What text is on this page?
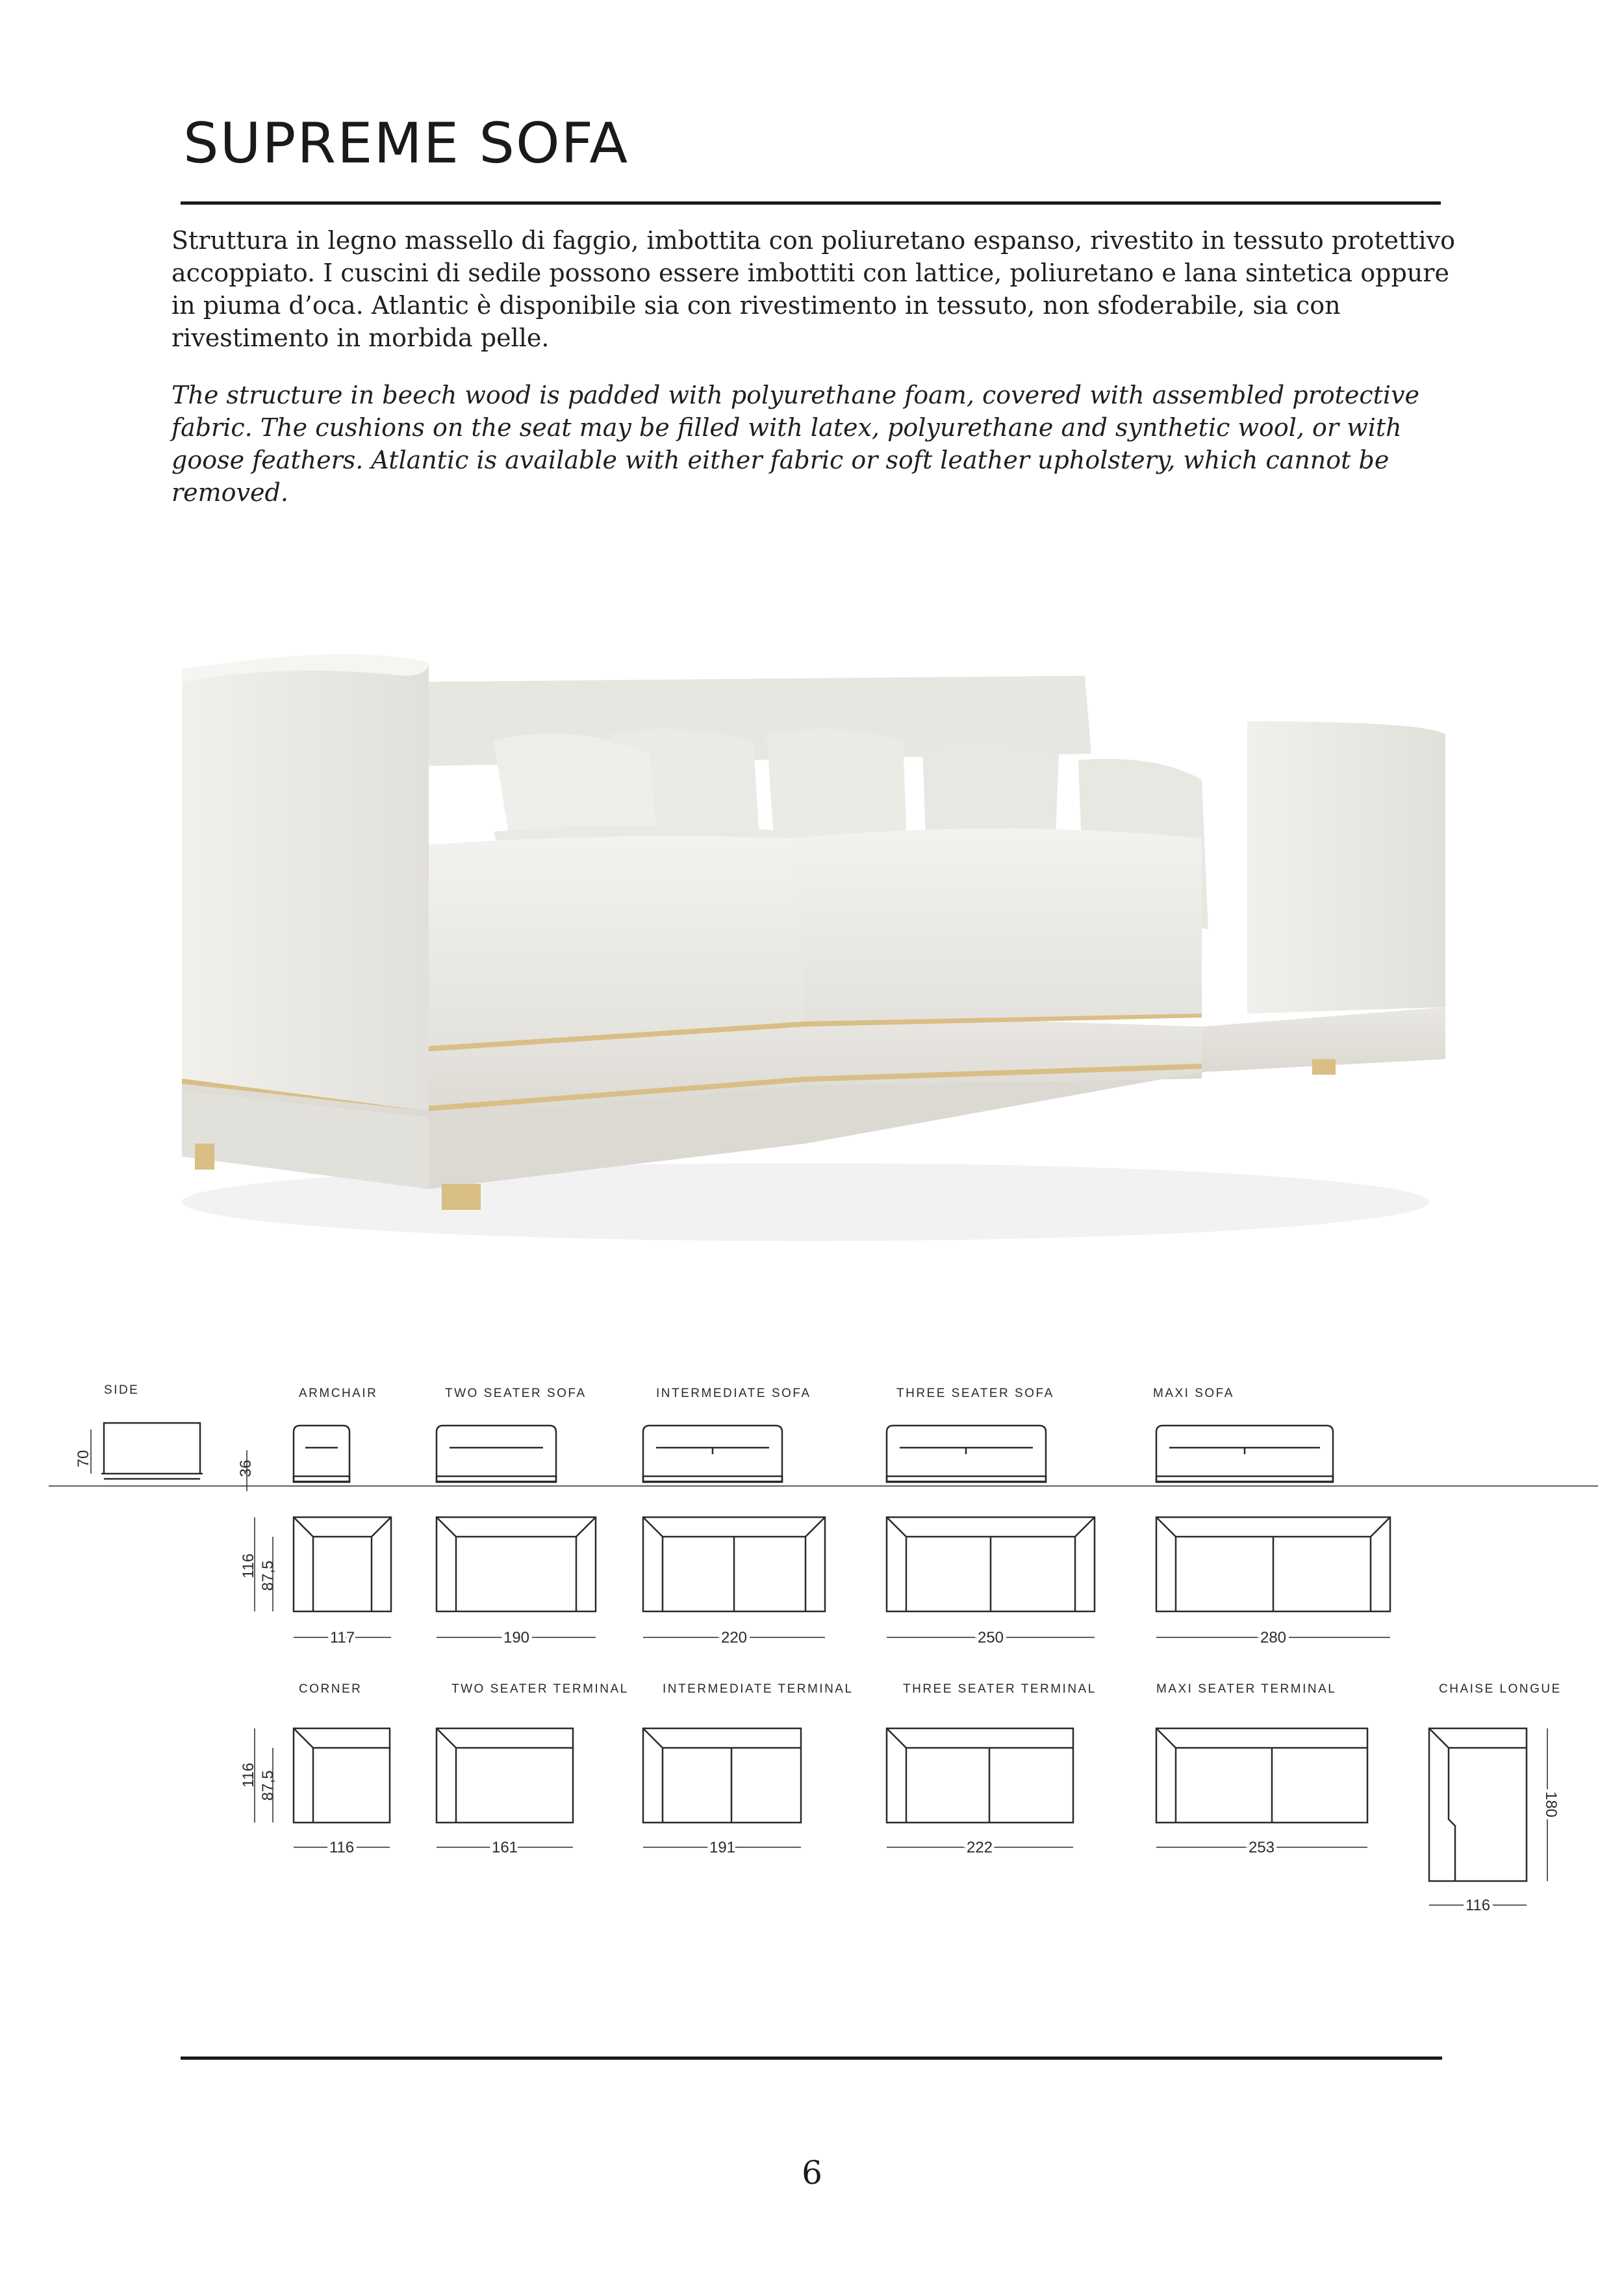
SUPREME SOFA

Struttura in legno massello di faggio, imbottita con poliuretano espanso, rivestito in tessuto protettivo accoppiato. I cuscini di sedile possono essere imbottiti con lattice, poliuretano e lana sintetica oppure in piuma d’oca. Atlantic è disponibile sia con rivestimento in tessuto, non sfoderabile, sia con rivestimento in morbida pelle.

The structure in beech wood is padded with polyurethane foam, covered with assembled protective fabric. The cushions on the seat may be filled with latex, polyurethane and synthetic wool, or with goose feathers. Atlantic is available with either fabric or soft leather upholstery, which cannot be removed.

SIDE	ARMCHAIR	TWO SEATER SOFA	INTERMEDIATE SOFA	THREE SEATER SOFA	MAXI SOFA
70
36
116 87,5
117	190	220	250	280
CORNER	TWO SEATER TERMINAL	INTERMEDIATE TERMINAL	THREE SEATER TERMINAL	MAXI SEATER TERMINAL	CHAISE LONGUE
116 87,5
180
116	161	191	222	253
116
6
